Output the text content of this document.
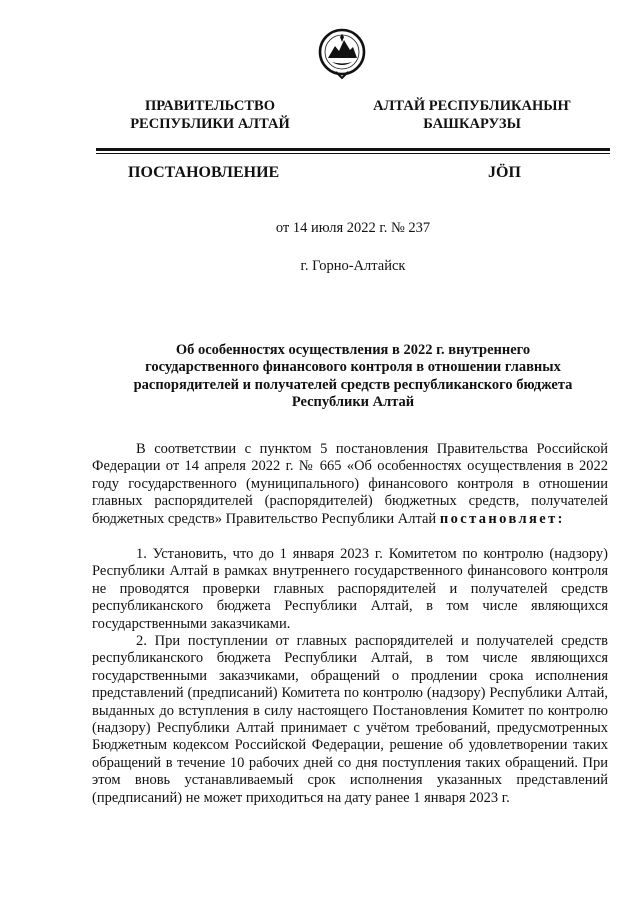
ПРАВИТЕЛЬСТВО
РЕСПУБЛИКИ АЛТАЙ
АЛТАЙ РЕСПУБЛИКАНЫҤ
БАШКАРУЗЫ
ПОСТАНОВЛЕНИЕ	JӦП
от 14 июля 2022 г. № 237
г. Горно-Алтайск
Об особенностях осуществления в 2022 г. внутреннего
государственного финансового контроля в отношении главных
распорядителей и получателей средств республиканского бюджета
Республики Алтай

В соответствии с пунктом 5 постановления Правительства Российской Федерации от 14 апреля 2022 г. № 665 «Об особенностях осуществления в 2022 году государственного (муниципального) финансового контроля в отношении главных распорядителей (распорядителей) бюджетных средств, получателей бюджетных средств» Правительство Республики Алтай постановляет:

1. Установить, что до 1 января 2023 г. Комитетом по контролю (надзору) Республики Алтай в рамках внутреннего государственного финансового контроля не проводятся проверки главных распорядителей и получателей средств республиканского бюджета Республики Алтай, в том числе являющихся государственными заказчиками.

2. При поступлении от главных распорядителей и получателей средств республиканского бюджета Республики Алтай, в том числе являющихся государственными заказчиками, обращений о продлении срока исполнения представлений (предписаний) Комитета по контролю (надзору) Республики Алтай, выданных до вступления в силу настоящего Постановления Комитет по контролю (надзору) Республики Алтай принимает с учётом требований, предусмотренных Бюджетным кодексом Российской Федерации, решение об удовлетворении таких обращений в течение 10 рабочих дней со дня поступления таких обращений. При этом вновь устанавливаемый срок исполнения указанных представлений (предписаний) не может приходиться на дату ранее 1 января 2023 г.
